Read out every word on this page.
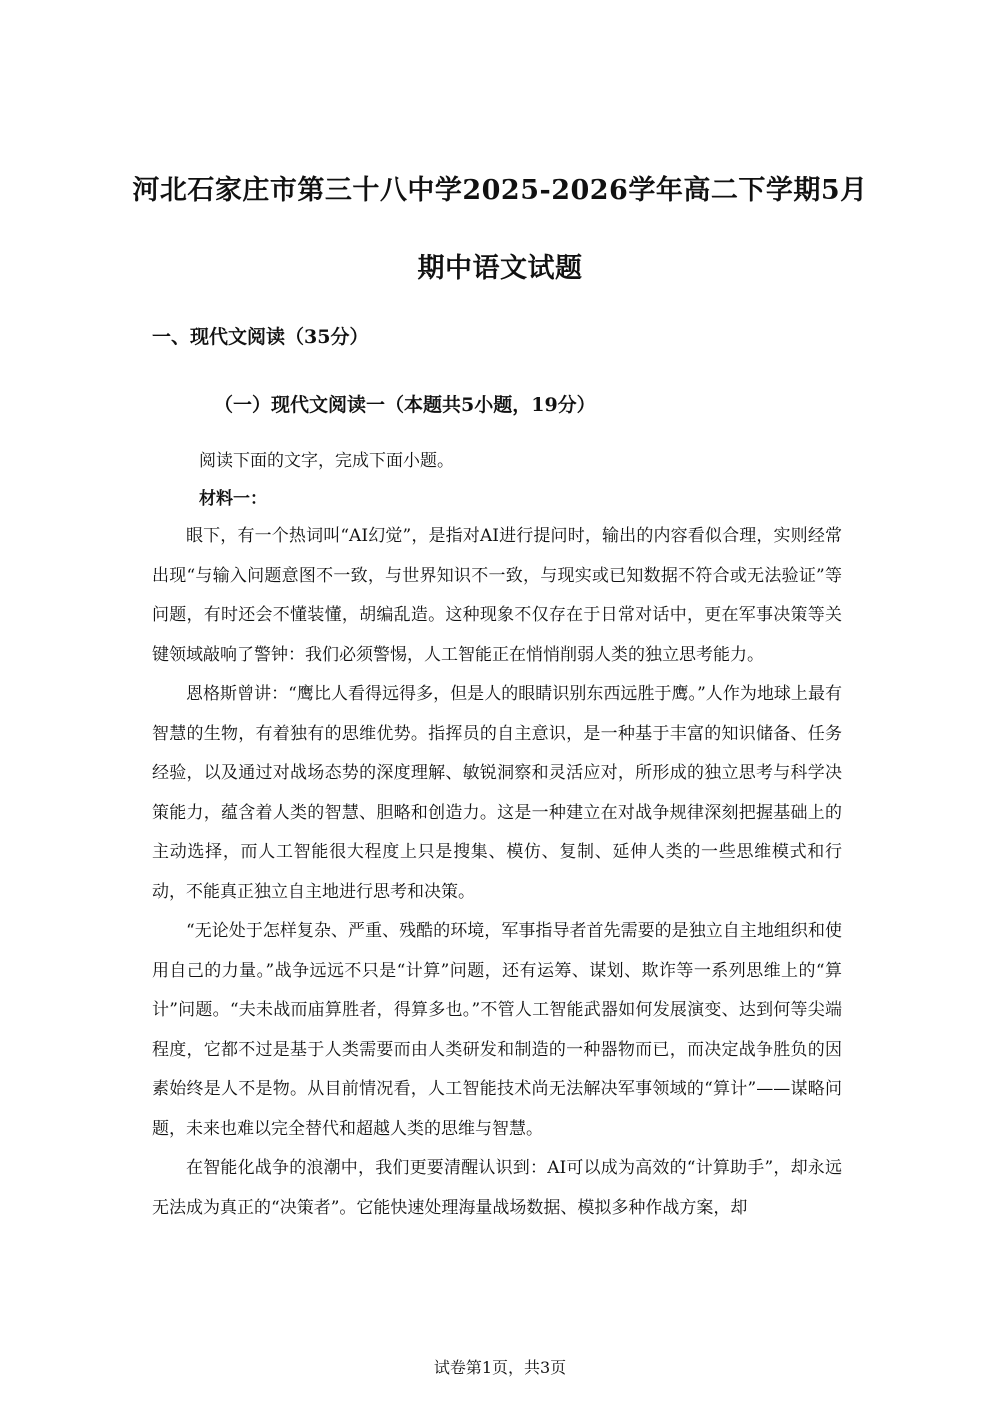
河北石家庄市第三十八中学2025-2026学年高二下学期5月
期中语文试题
一、现代文阅读（35分）
（一）现代文阅读一（本题共5小题，19分）

阅读下面的文字，完成下面小题。

材料一：

眼下，有一个热词叫“AI幻觉”，是指对AI进行提问时，输出的内容看似合理，实则经常出现“与输入问题意图不一致，与世界知识不一致，与现实或已知数据不符合或无法验证”等问题，有时还会不懂装懂，胡编乱造。这种现象不仅存在于日常对话中，更在军事决策等关键领域敲响了警钟：我们必须警惕，人工智能正在悄悄削弱人类的独立思考能力。

恩格斯曾讲：“鹰比人看得远得多，但是人的眼睛识别东西远胜于鹰。”人作为地球上最有智慧的生物，有着独有的思维优势。指挥员的自主意识，是一种基于丰富的知识储备、任务经验，以及通过对战场态势的深度理解、敏锐洞察和灵活应对，所形成的独立思考与科学决策能力，蕴含着人类的智慧、胆略和创造力。这是一种建立在对战争规律深刻把握基础上的主动选择，而人工智能很大程度上只是搜集、模仿、复制、延伸人类的一些思维模式和行动，不能真正独立自主地进行思考和决策。

“无论处于怎样复杂、严重、残酷的环境，军事指导者首先需要的是独立自主地组织和使用自己的力量。”战争远远不只是“计算”问题，还有运筹、谋划、欺诈等一系列思维上的“算计”问题。“夫未战而庙算胜者，得算多也。”不管人工智能武器如何发展演变、达到何等尖端程度，它都不过是基于人类需要而由人类研发和制造的一种器物而已，而决定战争胜负的因素始终是人不是物。从目前情况看，人工智能技术尚无法解决军事领域的“算计”——谋略问题，未来也难以完全替代和超越人类的思维与智慧。

在智能化战争的浪潮中，我们更要清醒认识到：AI可以成为高效的“计算助手”，却永远无法成为真正的“决策者”。它能快速处理海量战场数据、模拟多种作战方案，却

试卷第1页，共3页
